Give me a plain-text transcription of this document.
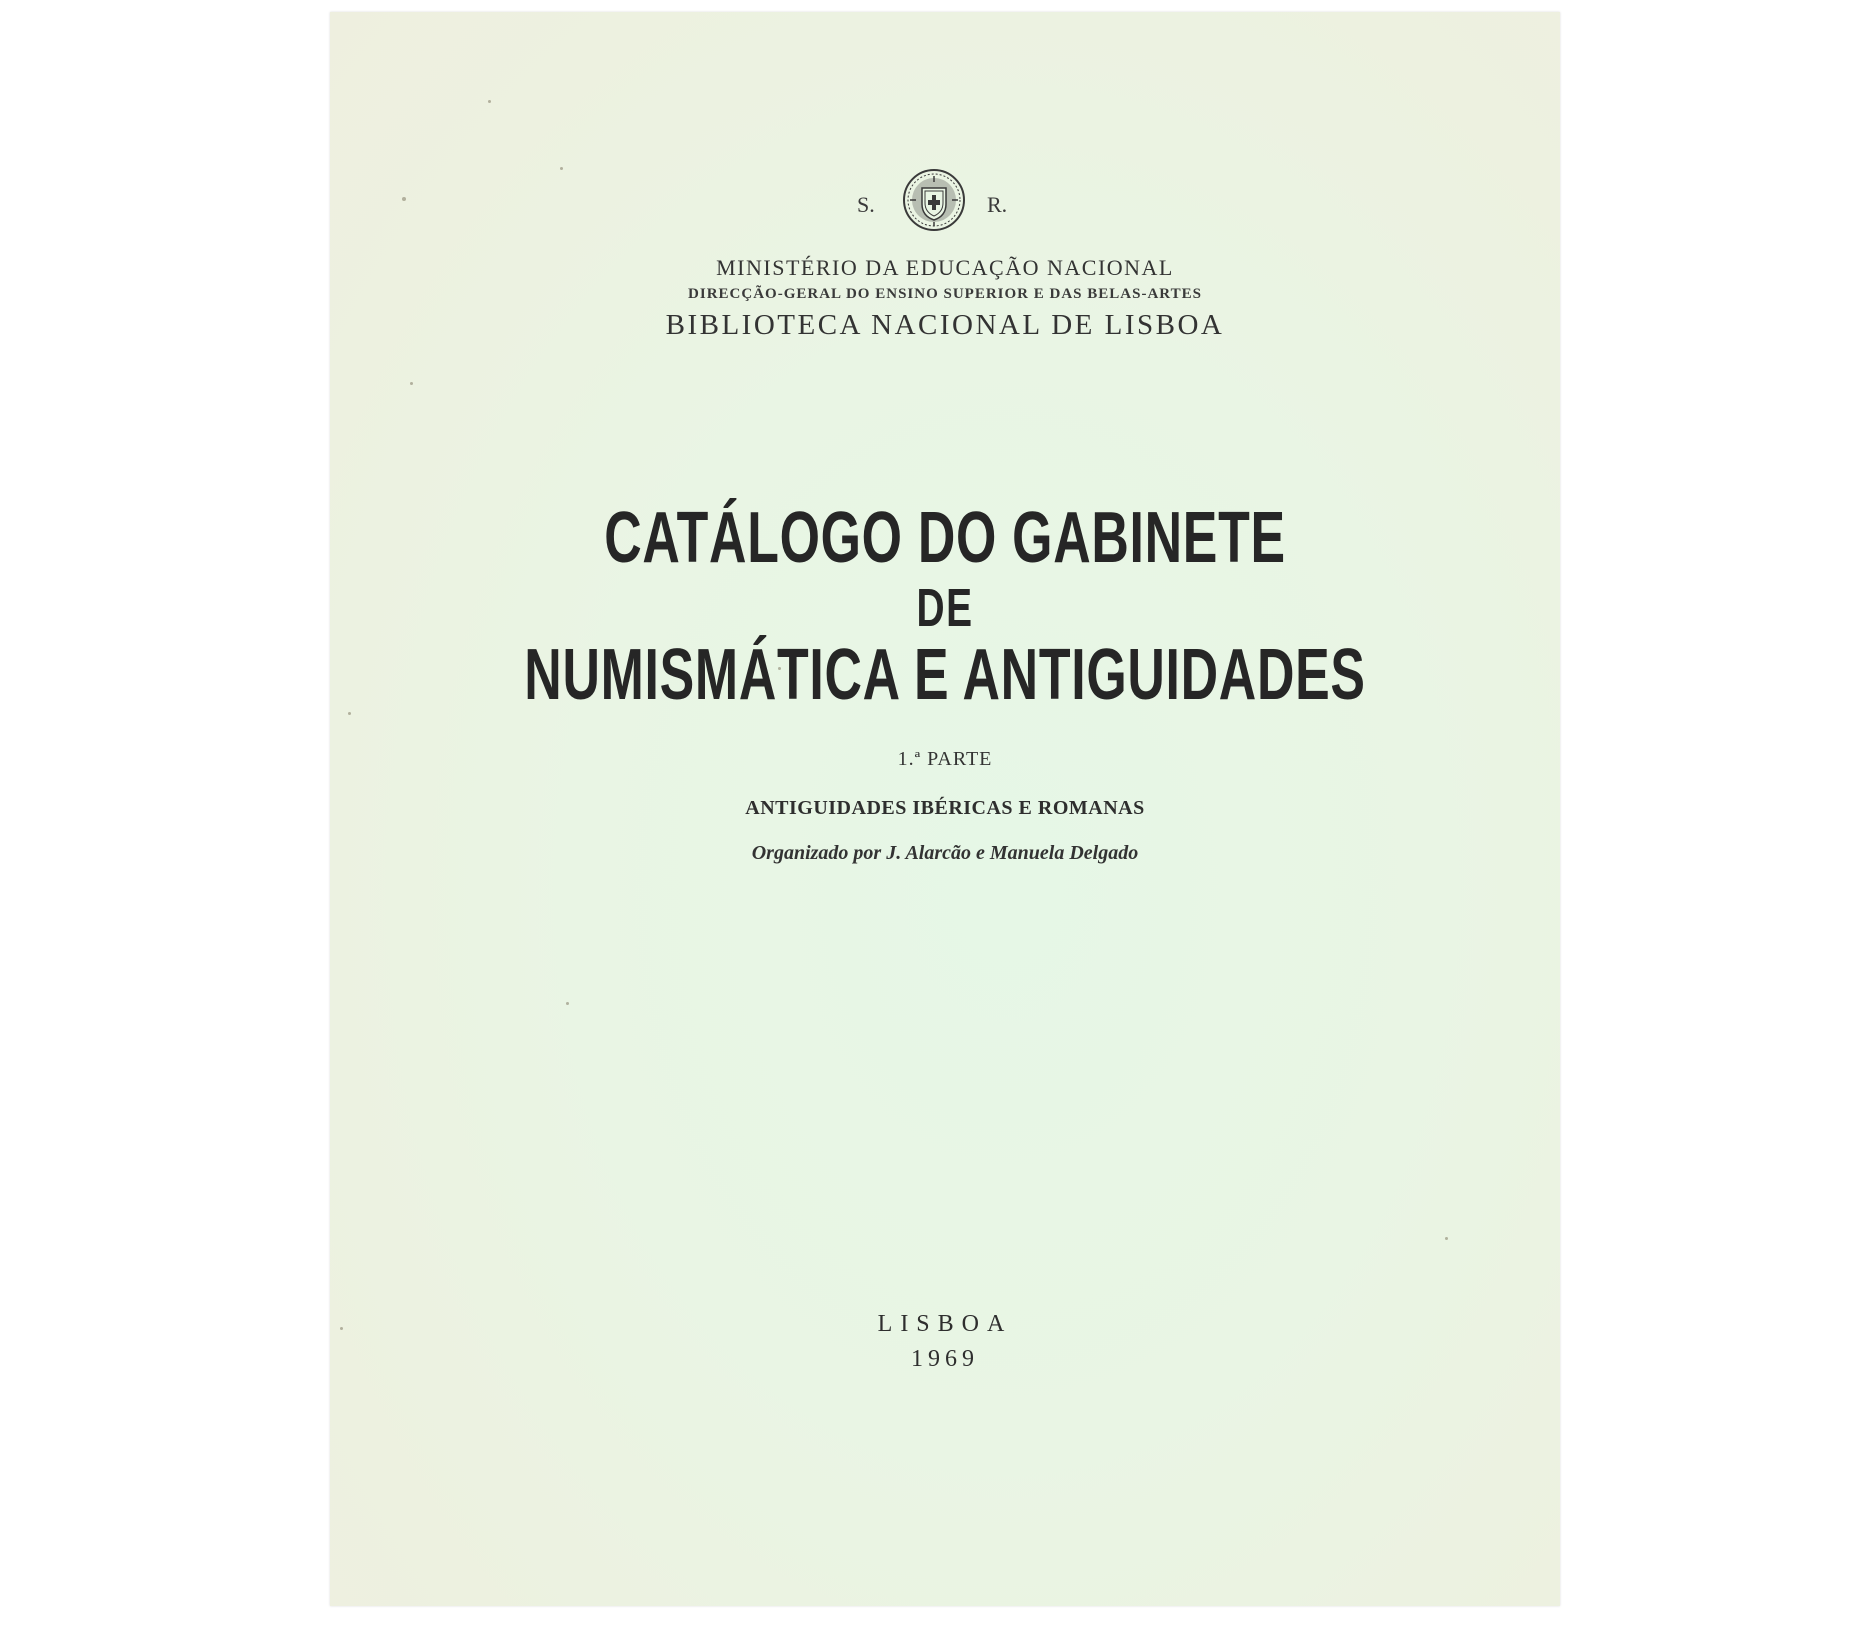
S.	R.
MINISTÉRIO DA EDUCAÇÃO NACIONAL
DIRECÇÃO-GERAL DO ENSINO SUPERIOR E DAS BELAS-ARTES
BIBLIOTECA NACIONAL DE LISBOA
CATÁLOGO DO GABINETE
DE
NUMISMÁTICA E ANTIGUIDADES
1.ª PARTE
ANTIGUIDADES IBÉRICAS E ROMANAS
Organizado por J. Alarcão e Manuela Delgado
LISBOA
1969
